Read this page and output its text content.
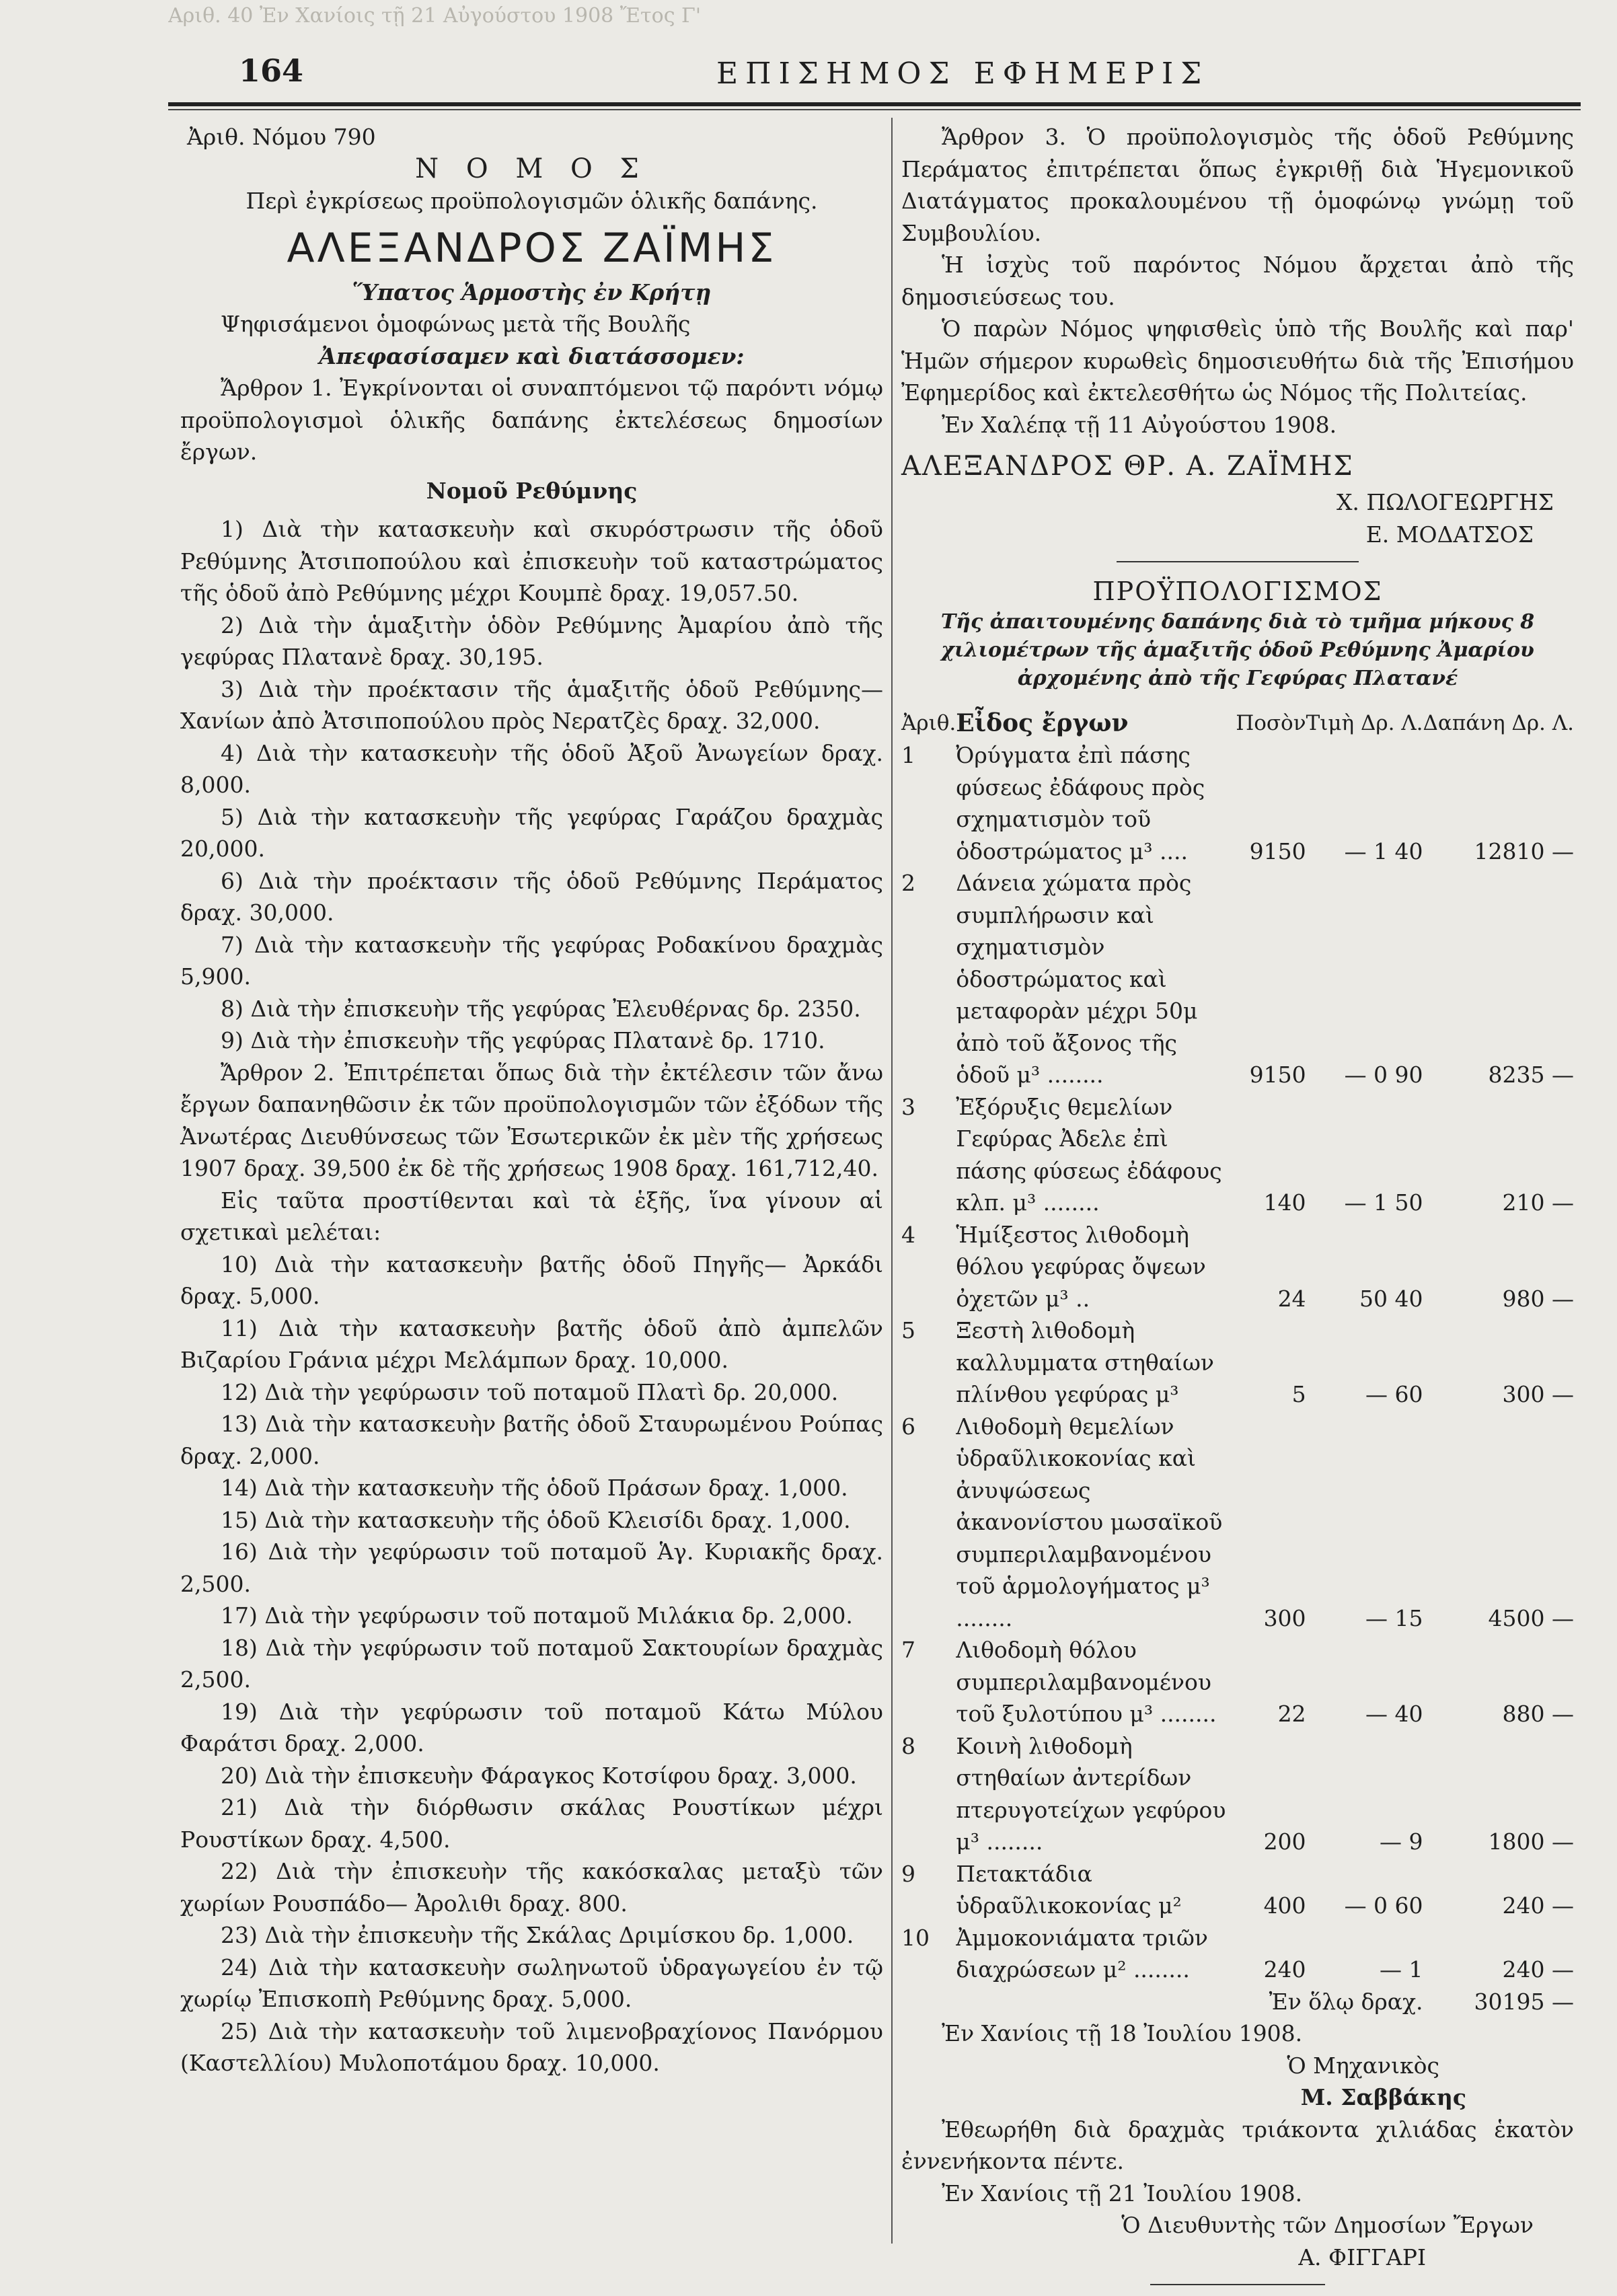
Αριθ. 40 Ἐν Χανίοις τῇ 21 Αὐγούστου 1908 Ἔτος Γ'
164	ΕΠΙΣΗΜΟΣ ΕΦΗΜΕΡΙΣ

Ἀριθ. Νόμου 790

Ν Ο Μ Ο Σ

Περὶ ἐγκρίσεως προϋπολογισμῶν ὁλικῆς δαπάνης.

ΑΛΕΞΑΝΔΡΟΣ ΖΑΪΜΗΣ

Ὕπατος Ἁρμοστὴς ἐν Κρήτῃ

Ψηφισάμενοι ὁμοφώνως μετὰ τῆς Βουλῆς

Ἀπεφασίσαμεν καὶ διατάσσομεν:

Ἄρθρον 1. Ἐγκρίνονται οἱ συναπτόμενοι τῷ παρόντι νόμῳ προϋπολογισμοὶ ὁλικῆς δαπάνης ἐκτελέσεως δημοσίων ἔργων.

Νομοῦ Ρεθύμνης

1) Διὰ τὴν κατασκευὴν καὶ σκυρόστρωσιν τῆς ὁδοῦ Ρεθύμνης Ἀτσιποπούλου καὶ ἐπισκευὴν τοῦ καταστρώματος τῆς ὁδοῦ ἀπὸ Ρεθύμνης μέχρι Κουμπὲ δραχ. 19,057.50.

2) Διὰ τὴν ἁμαξιτὴν ὁδὸν Ρεθύμνης Ἀμαρίου ἀπὸ τῆς γεφύρας Πλατανὲ δραχ. 30,195.

3) Διὰ τὴν προέκτασιν τῆς ἁμαξιτῆς ὁδοῦ Ρεθύμνης— Χανίων ἀπὸ Ἀτσιποπούλου πρὸς Νερατζὲς δραχ. 32,000.

4) Διὰ τὴν κατασκευὴν τῆς ὁδοῦ Ἀξοῦ Ἀνωγείων δραχ. 8,000.

5) Διὰ τὴν κατασκευὴν τῆς γεφύρας Γαράζου δραχμὰς 20,000.

6) Διὰ τὴν προέκτασιν τῆς ὁδοῦ Ρεθύμνης Περάματος δραχ. 30,000.

7) Διὰ τὴν κατασκευὴν τῆς γεφύρας Ροδακίνου δραχμὰς 5,900.

8) Διὰ τὴν ἐπισκευὴν τῆς γεφύρας Ἐλευθέρνας δρ. 2350.

9) Διὰ τὴν ἐπισκευὴν τῆς γεφύρας Πλατανὲ δρ. 1710.

Ἄρθρον 2. Ἐπιτρέπεται ὅπως διὰ τὴν ἐκτέλεσιν τῶν ἄνω ἔργων δαπανηθῶσιν ἐκ τῶν προϋπολογισμῶν τῶν ἐξόδων τῆς Ἀνωτέρας Διευθύνσεως τῶν Ἐσωτερικῶν ἐκ μὲν τῆς χρήσεως 1907 δραχ. 39,500 ἐκ δὲ τῆς χρήσεως 1908 δραχ. 161,712,40.

Εἰς ταῦτα προστίθενται καὶ τὰ ἑξῆς, ἵνα γίνουν αἱ σχετικαὶ μελέται:

10) Διὰ τὴν κατασκευὴν βατῆς ὁδοῦ Πηγῆς— Ἀρκάδι δραχ. 5,000.

11) Διὰ τὴν κατασκευὴν βατῆς ὁδοῦ ἀπὸ ἀμπελῶν Βιζαρίου Γράνια μέχρι Μελάμπων δραχ. 10,000.

12) Διὰ τὴν γεφύρωσιν τοῦ ποταμοῦ Πλατὶ δρ. 20,000.

13) Διὰ τὴν κατασκευὴν βατῆς ὁδοῦ Σταυρωμένου Ρούπας δραχ. 2,000.

14) Διὰ τὴν κατασκευὴν τῆς ὁδοῦ Πράσων δραχ. 1,000.

15) Διὰ τὴν κατασκευὴν τῆς ὁδοῦ Κλεισίδι δραχ. 1,000.

16) Διὰ τὴν γεφύρωσιν τοῦ ποταμοῦ Ἁγ. Κυριακῆς δραχ. 2,500.

17) Διὰ τὴν γεφύρωσιν τοῦ ποταμοῦ Μιλάκια δρ. 2,000.

18) Διὰ τὴν γεφύρωσιν τοῦ ποταμοῦ Σακτουρίων δραχμὰς 2,500.

19) Διὰ τὴν γεφύρωσιν τοῦ ποταμοῦ Κάτω Μύλου Φαράτσι δραχ. 2,000.

20) Διὰ τὴν ἐπισκευὴν Φάραγκος Κοτσίφου δραχ. 3,000.

21) Διὰ τὴν διόρθωσιν σκάλας Ρουστίκων μέχρι Ρουστίκων δραχ. 4,500.

22) Διὰ τὴν ἐπισκευὴν τῆς κακόσκαλας μεταξὺ τῶν χωρίων Ρουσπάδο— Ἀρολιθι δραχ. 800.

23) Διὰ τὴν ἐπισκευὴν τῆς Σκάλας Δριμίσκου δρ. 1,000.

24) Διὰ τὴν κατασκευὴν σωληνωτοῦ ὑδραγωγείου ἐν τῷ χωρίῳ Ἐπισκοπὴ Ρεθύμνης δραχ. 5,000.

25) Διὰ τὴν κατασκευὴν τοῦ λιμενοβραχίονος Πανόρμου (Καστελλίου) Μυλοποτάμου δραχ. 10,000.

Ἄρθρον 3. Ὁ προϋπολογισμὸς τῆς ὁδοῦ Ρεθύμνης Περάματος ἐπιτρέπεται ὅπως ἐγκριθῇ διὰ Ἡγεμονικοῦ Διατάγματος προκαλουμένου τῇ ὁμοφώνῳ γνώμῃ τοῦ Συμβουλίου.

Ἡ ἰσχὺς τοῦ παρόντος Νόμου ἄρχεται ἀπὸ τῆς δημοσιεύσεως του.

Ὁ παρὼν Νόμος ψηφισθεὶς ὑπὸ τῆς Βουλῆς καὶ παρ' Ἡμῶν σήμερον κυρωθεὶς δημοσιευθήτω διὰ τῆς Ἐπισήμου Ἐφημερίδος καὶ ἐκτελεσθήτω ὡς Νόμος τῆς Πολιτείας.

Ἐν Χαλέπᾳ τῇ 11 Αὐγούστου 1908.

ΑΛΕΞΑΝΔΡΟΣ ΘΡ. Α. ΖΑΪΜΗΣ

Χ. ΠΩΛΟΓΕΩΡΓΗΣ

Ε. ΜΟΔΑΤΣΟΣ

ΠΡΟΫΠΟΛΟΓΙΣΜΟΣ

Τῆς ἀπαιτουμένης δαπάνης διὰ τὸ τμῆμα μήκους 8 χιλιομέτρων τῆς ἁμαξιτῆς ὁδοῦ Ρεθύμνης Ἀμαρίου ἀρχομένης ἀπὸ τῆς Γεφύρας Πλατανέ

Ἀριθ.	Εἶδος ἔργων	Ποσὸν	Τιμὴ Δρ. Λ.	Δαπάνη Δρ. Λ.
1	Ὀρύγματα ἐπὶ πάσης φύσεως ἐδάφους πρὸς σχηματισμὸν τοῦ ὁδοστρώματος μ³ ....	9150	— 1 40	12810 —
2	Δάνεια χώματα πρὸς συμπλήρωσιν καὶ σχηματισμὸν ὁδοστρώματος καὶ μεταφορὰν μέχρι 50μ ἀπὸ τοῦ ἄξονος τῆς ὁδοῦ μ³ ........	9150	— 0 90	8235 —
3	Ἐξόρυξις θεμελίων Γεφύρας Ἀδελε ἐπὶ πάσης φύσεως ἐδάφους κλπ. μ³ ........	140	— 1 50	210 —
4	Ἡμίξεστος λιθοδομὴ θόλου γεφύρας ὄψεων ὀχετῶν μ³ ..	24	50 40	980 —
5	Ξεστὴ λιθοδομὴ καλλυμματα στηθαίων πλίνθου γεφύρας μ³	5	— 60	300 —
6	Λιθοδομὴ θεμελίων ὑδραῦλικοκονίας καὶ ἀνυψώσεως ἀκανονίστου μωσαϊκοῦ συμπεριλαμβανομένου τοῦ ἁρμολογήματος μ³ ........	300	— 15	4500 —
7	Λιθοδομὴ θόλου συμπεριλαμβανομένου τοῦ ξυλοτύπου μ³ ........	22	— 40	880 —
8	Κοινὴ λιθοδομὴ στηθαίων ἀντερίδων πτερυγοτείχων γεφύρου μ³ ........	200	— 9	1800 —
9	Πετακτάδια ὑδραῦλικοκονίας μ²	400	— 0 60	240 —
10	Ἀμμοκονιάματα τριῶν διαχρώσεων μ² ........	240	— 1	240 —
	Ἐν ὅλῳ δραχ.			30195 —

Ἐν Χανίοις τῇ 18 Ἰουλίου 1908.

Ὁ Μηχανικὸς

Μ. Σαββάκης

Ἐθεωρήθη διὰ δραχμὰς τριάκοντα χιλιάδας ἑκατὸν ἐννενήκοντα πέντε.

Ἐν Χανίοις τῇ 21 Ἰουλίου 1908.

Ὁ Διευθυντὴς τῶν Δημοσίων Ἔργων

Α. ΦΙΓΓΑΡΙ
